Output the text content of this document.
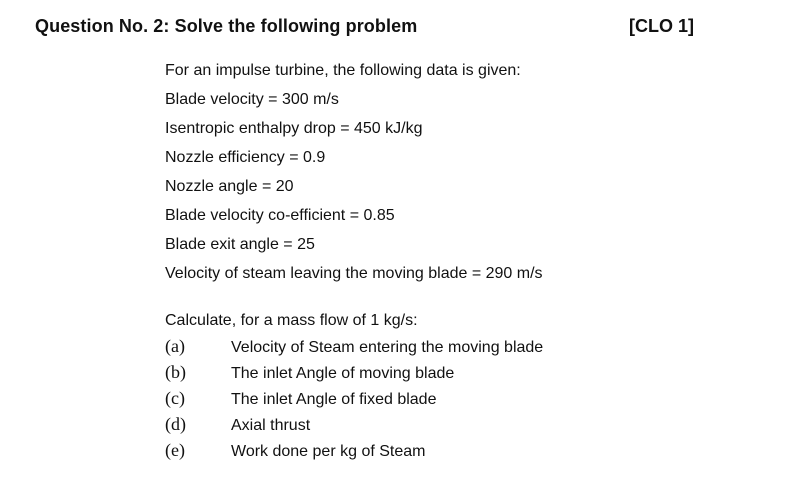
Question No. 2: Solve the following problem	[CLO 1]
For an impulse turbine, the following data is given:
Blade velocity = 300 m/s
Isentropic enthalpy drop = 450 kJ/kg
Nozzle efficiency = 0.9
Nozzle angle = 20
Blade velocity co-efficient = 0.85
Blade exit angle = 25
Velocity of steam leaving the moving blade = 290 m/s
Calculate, for a mass flow of 1 kg/s:
(a)	Velocity of Steam entering the moving blade
(b)	The inlet Angle of moving blade
(c)	The inlet Angle of fixed blade
(d)	Axial thrust
(e)	Work done per kg of Steam
